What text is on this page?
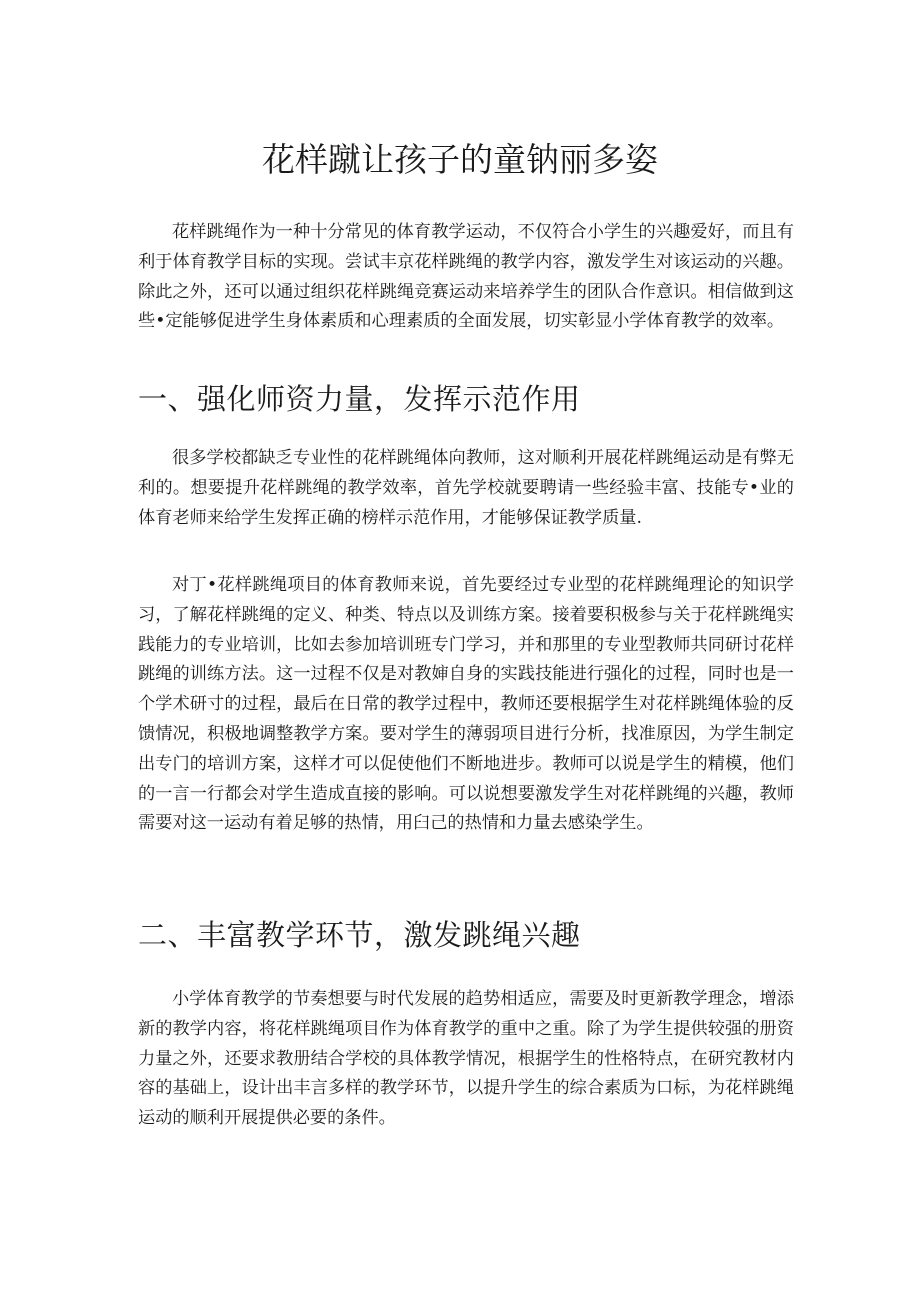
花样蹴让孩子的童钠丽多姿

花样跳绳作为一种十分常见的体育教学运动，不仅符合小学生的兴趣爱好，而且有利于体育教学目标的实现。尝试丰京花样跳绳的教学内容，激发学生对该运动的兴趣。除此之外，还可以通过组织花样跳绳竞赛运动来培养学生的团队合作意识。相信做到这些•定能够促进学生身体素质和心理素质的全面发展，切实彰显小学体育教学的效率。

一、强化师资力量，发挥示范作用

很多学校都缺乏专业性的花样跳绳体向教师，这对顺利开展花样跳绳运动是有弊无利的。想要提升花样跳绳的教学效率，首先学校就要聘请一些经验丰富、技能专•业的体育老师来给学生发挥正确的榜样示范作用，才能够保证教学质量.

对丁•花样跳绳项目的体育教师来说，首先要经过专业型的花样跳绳理论的知识学习，了解花样跳绳的定义、种类、特点以及训练方案。接着要积极参与关于花样跳绳实践能力的专业培训，比如去参加培训班专门学习，并和那里的专业型教师共同研讨花样跳绳的训练方法。这一过程不仅是对教婶自身的实践技能进行强化的过程，同时也是一个学术研寸的过程，最后在日常的教学过程中，教师还要根据学生对花样跳绳体验的反馈情况，积极地调整教学方案。要对学生的薄弱项目进行分析，找准原因，为学生制定出专门的培训方案，这样才可以促使他们不断地进步。教师可以说是学生的精模，他们的一言一行都会对学生造成直接的影响。可以说想要激发学生对花样跳绳的兴趣，教师需要对这一运动有着足够的热情，用臼己的热情和力量去感染学生。

二、丰富教学环节，激发跳绳兴趣

小学体育教学的节奏想要与时代发展的趋势相适应，需要及时更新教学理念，增添新的教学内容，将花样跳绳项目作为体育教学的重中之重。除了为学生提供较强的册资力量之外，还要求教册结合学校的具体教学情况，根据学生的性格特点，在研究教材内容的基础上，设计出丰言多样的教学环节，以提升学生的综合素质为口标，为花样跳绳运动的顺利开展提供必要的条件。
